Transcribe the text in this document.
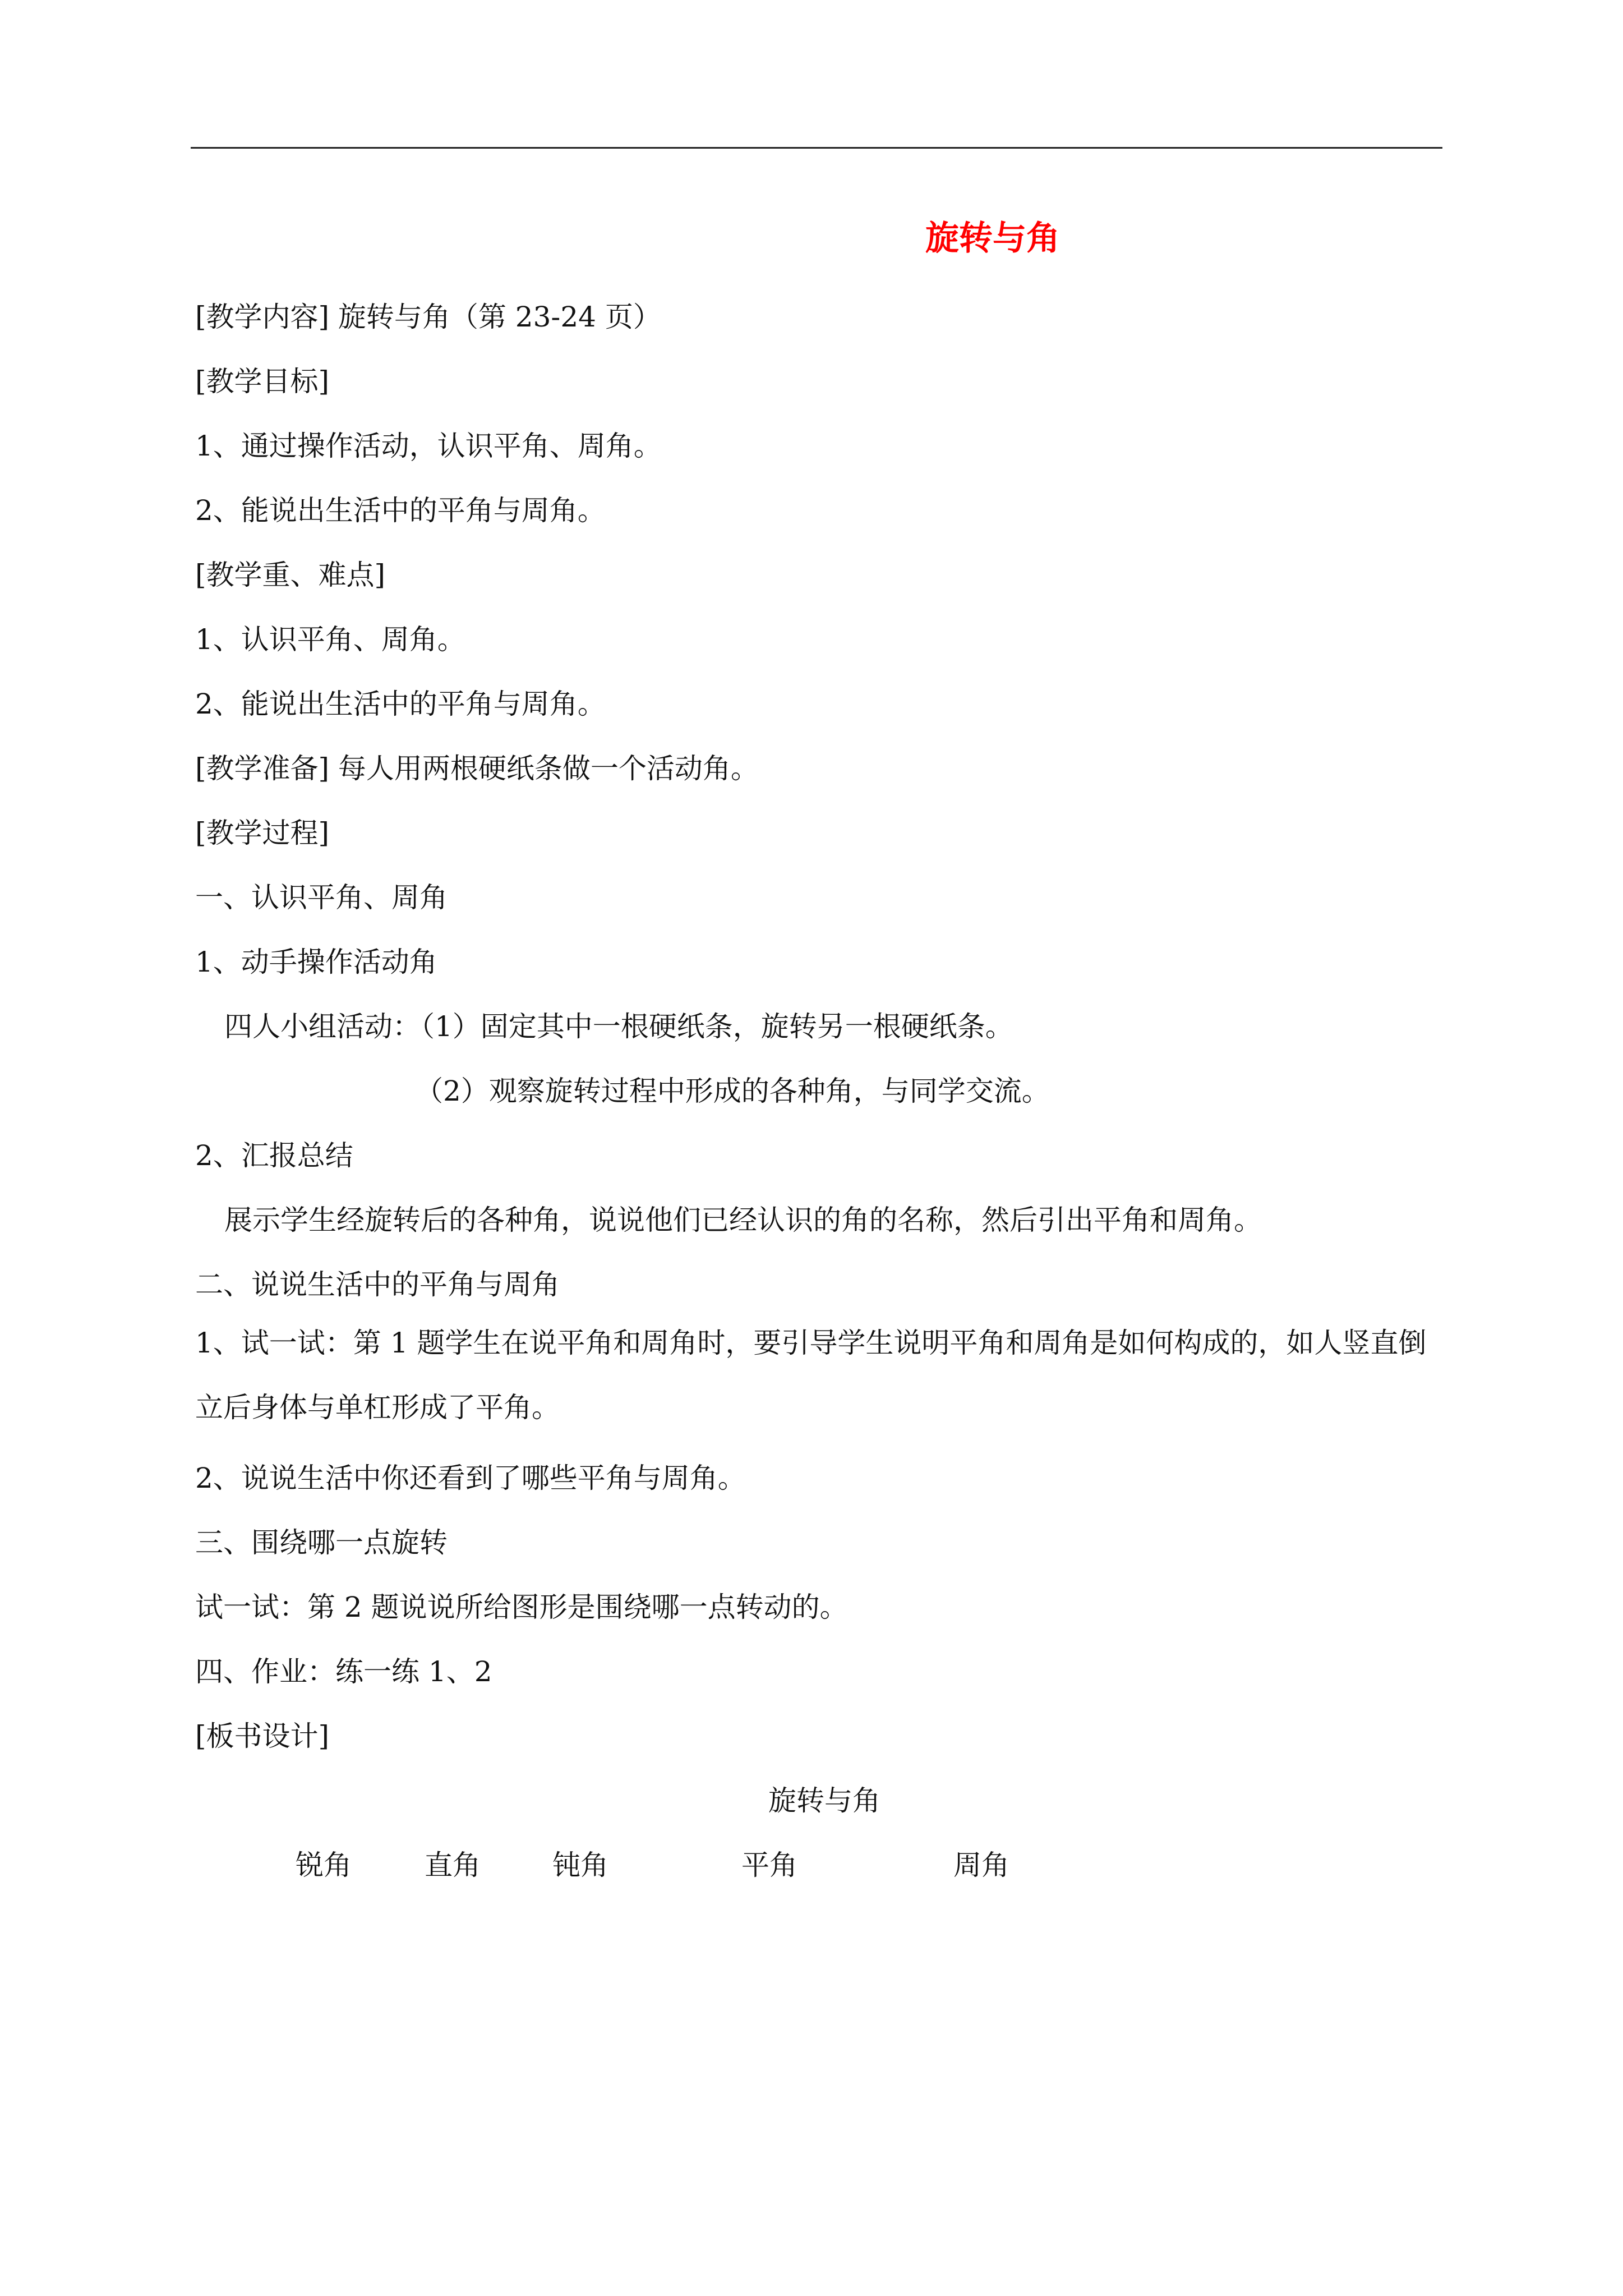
旋转与角
[教学内容] 旋转与角（第 23-24 页）
[教学目标]
1、通过操作活动，认识平角、周角。
2、能说出生活中的平角与周角。
[教学重、难点]
1、认识平角、周角。
2、能说出生活中的平角与周角。
[教学准备] 每人用两根硬纸条做一个活动角。
[教学过程]
一、认识平角、周角
1、动手操作活动角
四人小组活动：（1）固定其中一根硬纸条，旋转另一根硬纸条。
（2）观察旋转过程中形成的各种角，与同学交流。
2、汇报总结
展示学生经旋转后的各种角，说说他们已经认识的角的名称，然后引出平角和周角。
二、说说生活中的平角与周角
1、试一试：第 1 题学生在说平角和周角时，要引导学生说明平角和周角是如何构成的，如人竖直倒立后身体与单杠形成了平角。
2、说说生活中你还看到了哪些平角与周角。
三、围绕哪一点旋转
试一试：第 2 题说说所给图形是围绕哪一点转动的。
四、作业：练一练 1、2
[板书设计]
旋转与角
锐角	直角	钝角	平角	周角
